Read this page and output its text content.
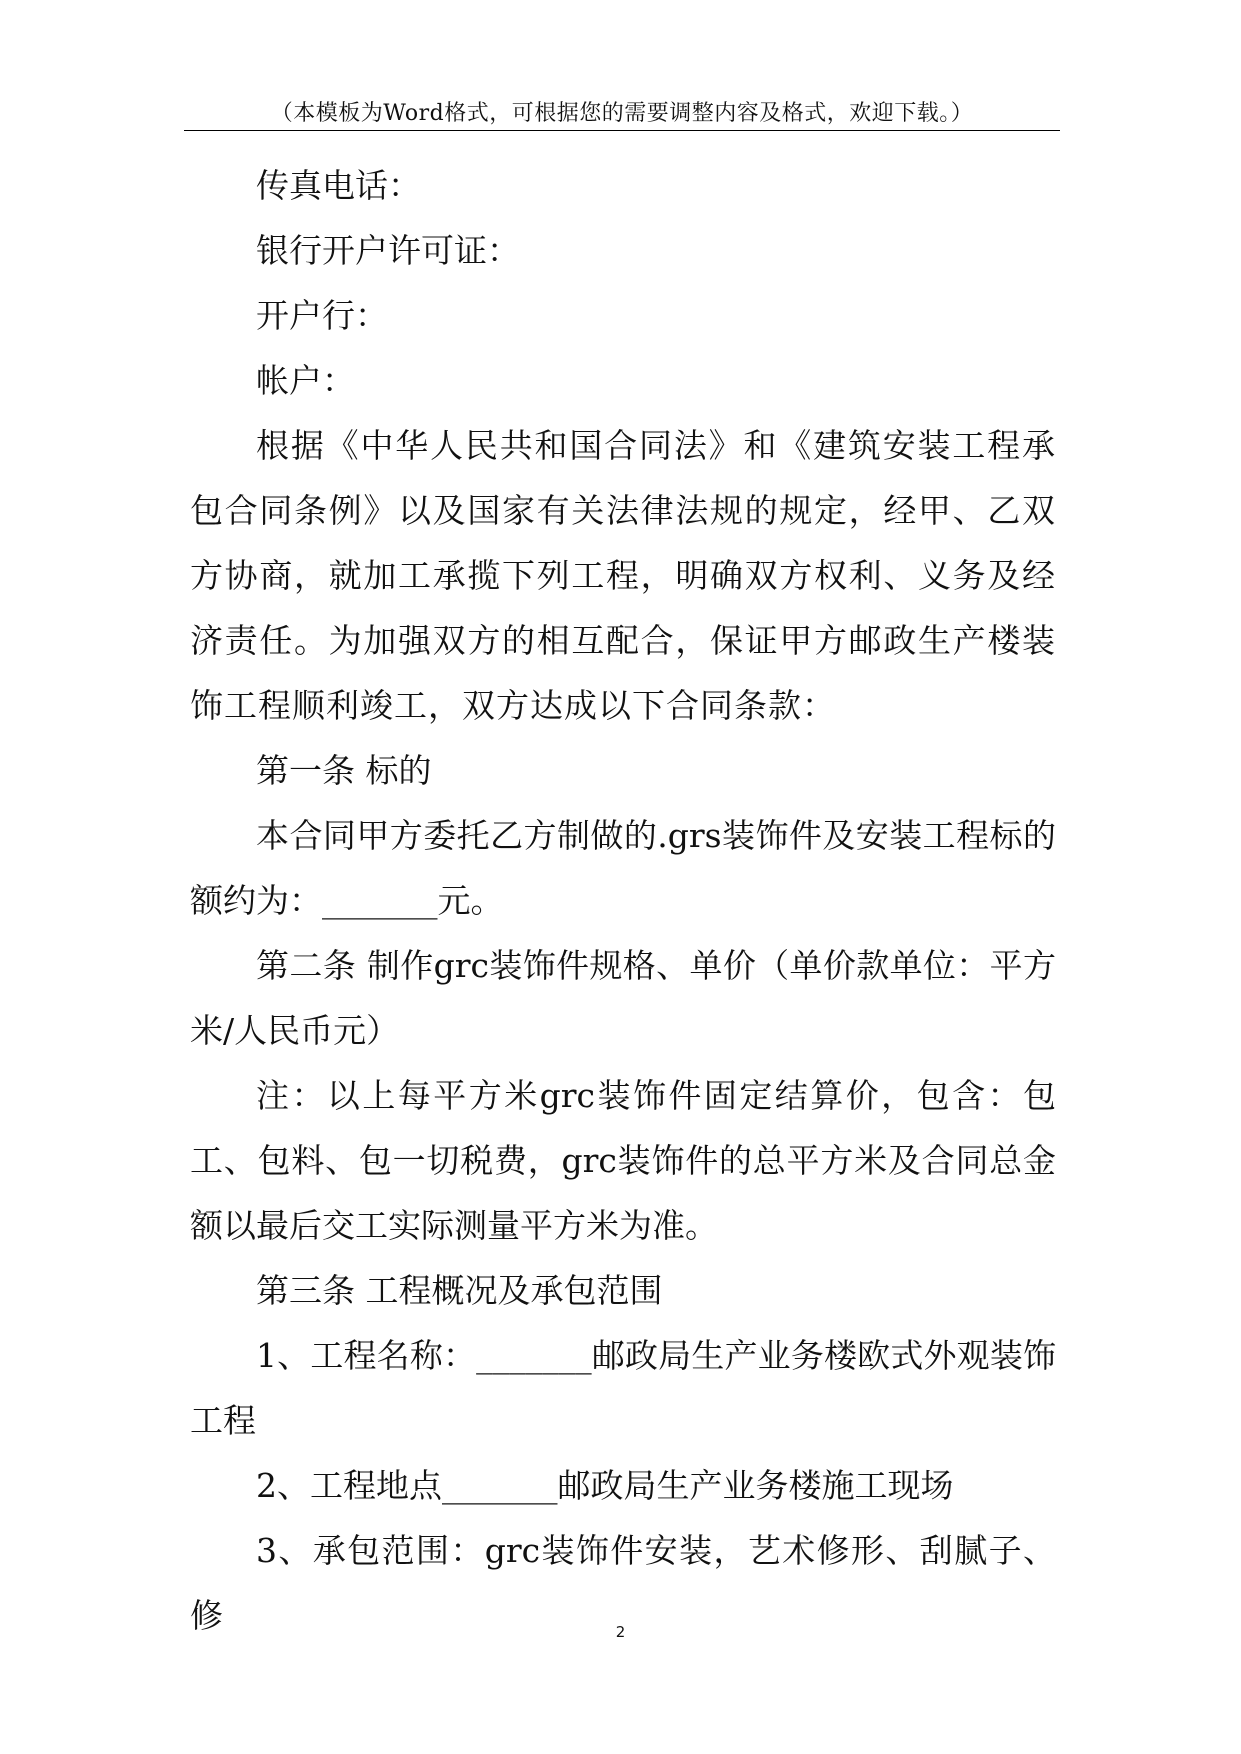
（本模板为Word格式，可根据您的需要调整内容及格式，欢迎下载。）

传真电话：

银行开户许可证：

开户行：

帐户：

根据《中华人民共和国合同法》和《建筑安装工程承包合同条例》以及国家有关法律法规的规定，经甲、乙双方协商，就加工承揽下列工程，明确双方权利、义务及经济责任。为加强双方的相互配合，保证甲方邮政生产楼装饰工程顺利竣工，双方达成以下合同条款：

第一条 标的

本合同甲方委托乙方制做的.grs装饰件及安装工程标的额约为：_______元。

第二条 制作grc装饰件规格、单价（单价款单位：平方米/人民币元）

注：以上每平方米grc装饰件固定结算价，包含：包工、包料、包一切税费，grc装饰件的总平方米及合同总金额以最后交工实际测量平方米为准。

第三条 工程概况及承包范围

1、工程名称：_______邮政局生产业务楼欧式外观装饰工程

2、工程地点_______邮政局生产业务楼施工现场

3、承包范围：grc装饰件安装，艺术修形、刮腻子、修	2
